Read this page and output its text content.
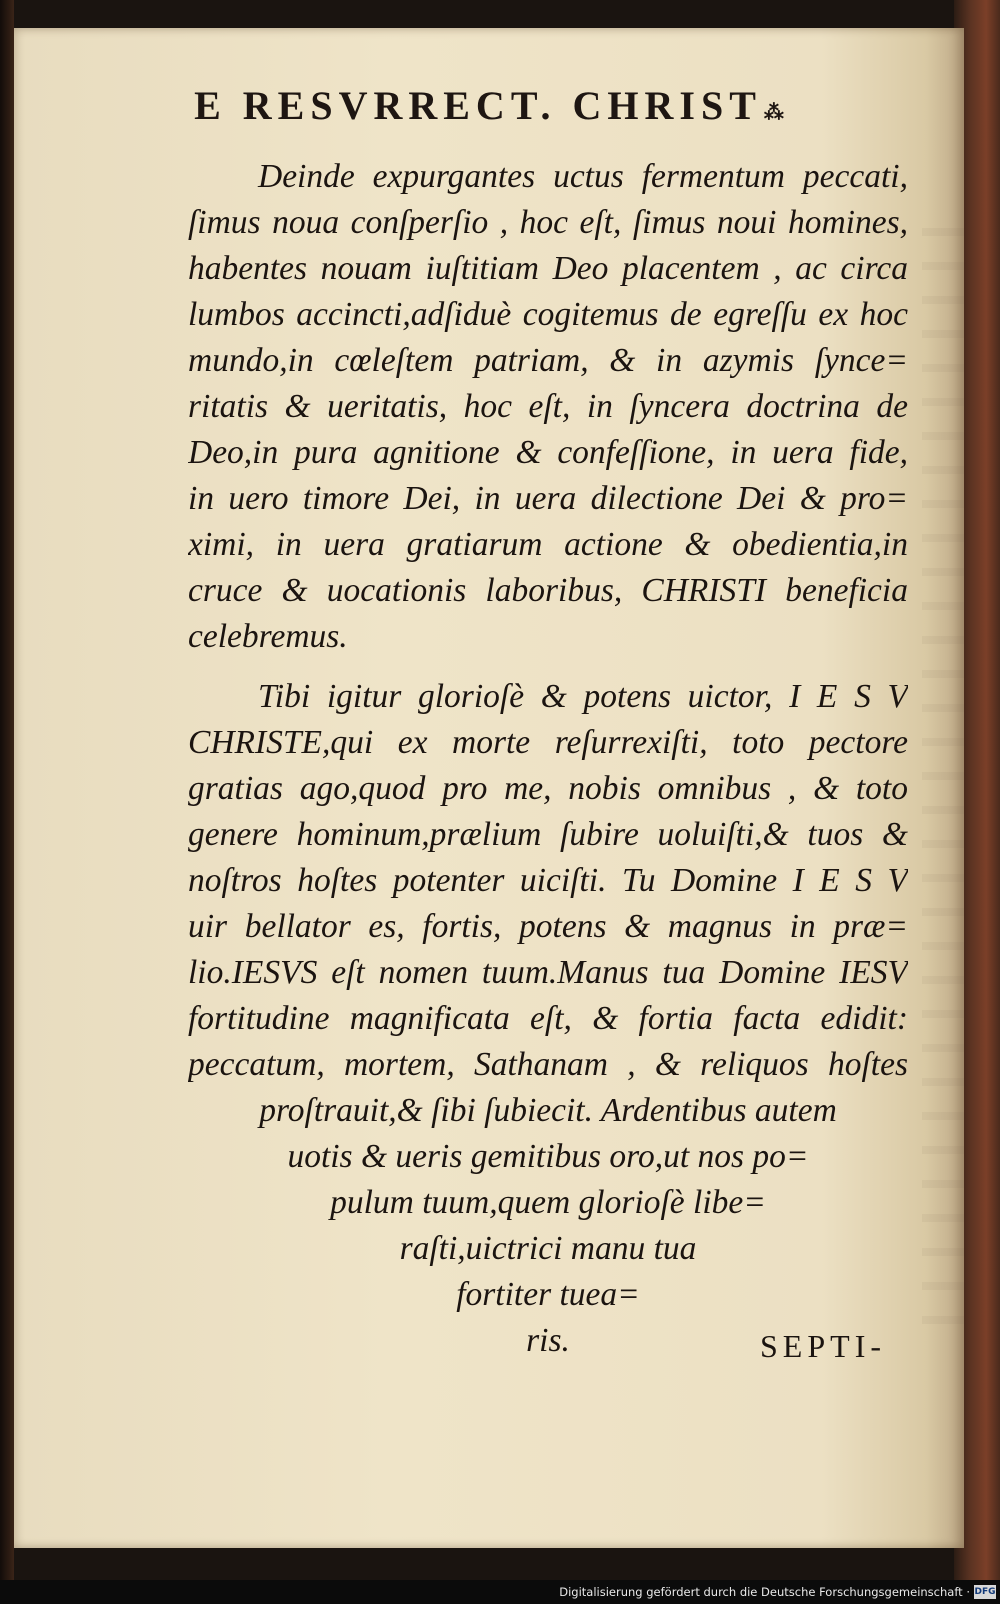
E RESVRRECT. CHRIST ⁂
Deinde expurgantes uctus fermentum peccati,
ſimus noua conſperſio , hoc eſt, ſimus noui homines,
habentes nouam iuſtitiam Deo placentem , ac circa
lumbos accincti,adſiduè cogitemus de egreſſu ex hoc
mundo,in cœleſtem patriam, & in azymis ſynce=
ritatis & ueritatis, hoc eſt, in ſyncera doctrina de
Deo,in pura agnitione & confeſſione, in uera fide,
in uero timore Dei, in uera dilectione Dei & pro=
ximi, in uera gratiarum actione & obedientia,in
cruce & uocationis laboribus, CHRISTI beneficia
celebremus.
Tibi igitur glorioſè & potens uictor, I E S V
CHRISTE,qui ex morte reſurrexiſti, toto pectore
gratias ago,quod pro me, nobis omnibus , & toto
genere hominum,prælium ſubire uoluiſti,& tuos &
noſtros hoſtes potenter uiciſti. Tu Domine I E S V
uir bellator es, fortis, potens & magnus in præ=
lio.IESVS eſt nomen tuum.Manus tua Domine IESV
fortitudine magnificata eſt, & fortia facta edidit:
peccatum, mortem, Sathanam , & reliquos hoſtes
proſtrauit,& ſibi ſubiecit. Ardentibus autem
uotis & ueris gemitibus oro,ut nos po=
pulum tuum,quem glorioſè libe=
raſti,uictrici manu tua
fortiter tuea=
ris.	SEPTI-
Digitalisierung gefördert durch die Deutsche Forschungsgemeinschaft · DFG
